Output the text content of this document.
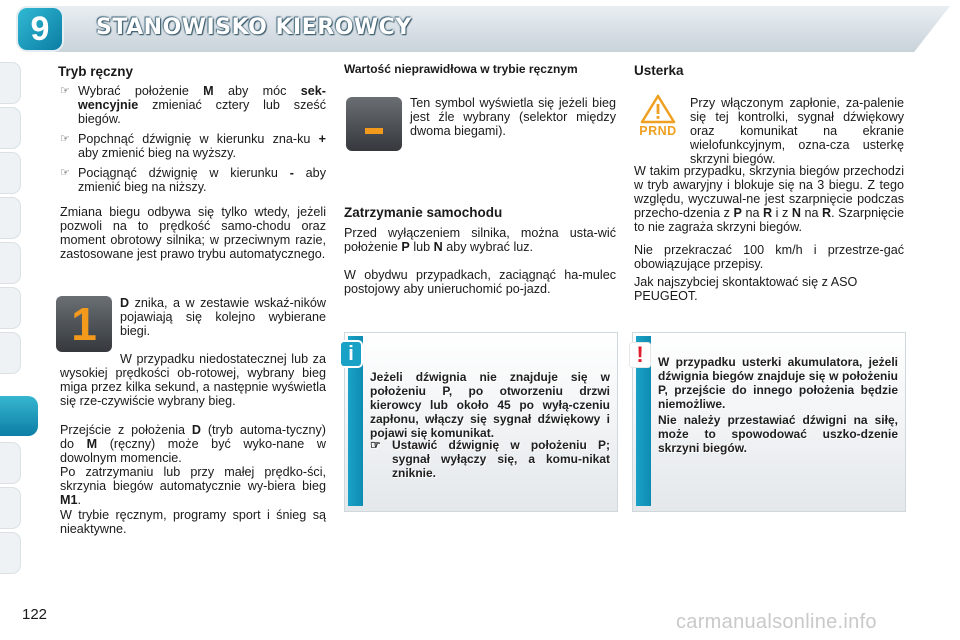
9	STANOWISKO KIEROWCY
Tryb ręczny

☞ Wybrać położenie M aby móc sek-wencyjnie zmieniać cztery lub sześć biegów.

☞ Popchnąć dźwignię w kierunku zna-ku + aby zmienić bieg na wyższy.

☞ Pociągnąć dźwignię w kierunku - aby zmienić bieg na niższy.

Zmiana biegu odbywa się tylko wtedy, jeżeli pozwoli na to prędkość samo-chodu oraz moment obrotowy silnika; w przeciwnym razie, zastosowane jest prawo trybu automatycznego.

1	D znika, a w zestawie wskaź-ników pojawiają się kolejno wybierane biegi.

W przypadku niedostatecznej lub za wysokiej prędkości ob-rotowej, wybrany bieg miga przez kilka sekund, a następnie wyświetla się rze-czywiście wybrany bieg.

Przejście z położenia D (tryb automa-tyczny) do M (ręczny) może być wyko-nane w dowolnym momencie.

Po zatrzymaniu lub przy małej prędko-ści, skrzynia biegów automatycznie wy-biera bieg M1.

W trybie ręcznym, programy sport i śnieg są nieaktywne.

Wartość nieprawidłowa w trybie ręcznym

Ten symbol wyświetla się jeżeli bieg jest źle wybrany (selektor między dwoma biegami).

Zatrzymanie samochodu

Przed wyłączeniem silnika, można usta-wić położenie P lub N aby wybrać luz.

W obydwu przypadkach, zaciągnąć ha-mulec postojowy aby unieruchomić po-jazd.

i

Jeżeli dźwignia nie znajduje się w położeniu P, po otworzeniu drzwi kierowcy lub około 45 po wyłą-czeniu zapłonu, włączy się sygnał dźwiękowy i pojawi się komunikat.

☞ Ustawić dźwignię w położeniu P; sygnał wyłączy się, a komu-nikat zniknie.

Usterka
PRND

Przy włączonym zapłonie, za-palenie się tej kontrolki, sygnał dźwiękowy oraz komunikat na ekranie wielofunkcyjnym, ozna-cza usterkę skrzyni biegów.

W takim przypadku, skrzynia biegów przechodzi w tryb awaryjny i blokuje się na 3 biegu. Z tego względu, wyczuwal-ne jest szarpnięcie podczas przecho-dzenia z P na R i z N na R. Szarpnięcie to nie zagraża skrzyni biegów.

Nie przekraczać 100 km/h i przestrze-gać obowiązujące przepisy.

Jak najszybciej skontaktować się z ASO PEUGEOT.

!	W przypadku usterki akumulatora, jeżeli dźwignia biegów znajduje się w położeniu P, przejście do innego położenia będzie niemożliwe.

Nie należy przestawiać dźwigni na siłę, może to spowodować uszko-dzenie skrzyni biegów.

122	carmanualsonline.info
